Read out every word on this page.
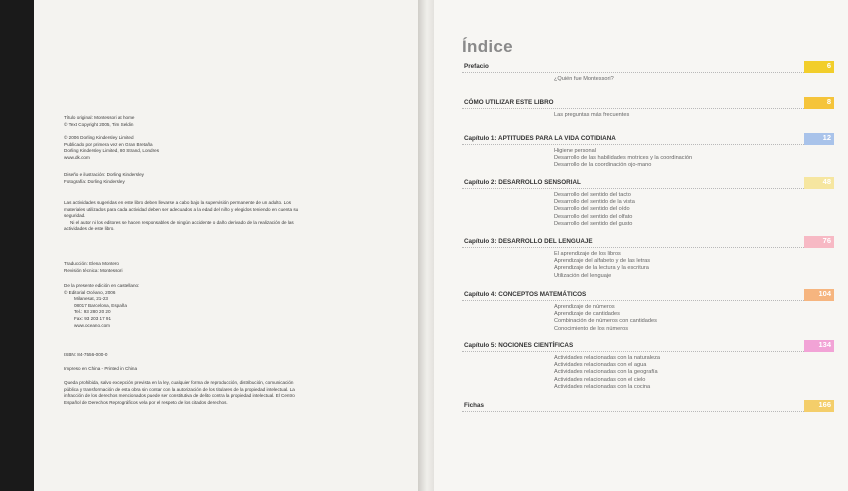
Título original: Montessori at home
© Text Copyright 2005, Tim Seldin
© 2006 Dorling Kindersley Limited
Publicado por primera vez en Gran Bretaña
Dorling Kindersley Limited, 80 Strand, Londres
www.dk.com
Diseño e ilustración: Dorling Kindersley
Fotografía: Dorling Kindersley
Las actividades sugeridas en este libro deben llevarse a cabo bajo la supervisión permanente de un adulto. Los materiales utilizados para cada actividad deben ser adecuados a la edad del niño y elegidos teniendo en cuenta su seguridad.
Ni el autor ni los editores se hacen responsables de ningún accidente o daño derivado de la realización de las actividades de este libro.
Traducción: Elena Montero
Revisión técnica: Montessori
De la presente edición en castellano:
© Editorial Océano, 2006
Milanesat, 21-23
08017 Barcelona, España
Tel.: 93 280 20 20
Fax: 93 203 17 91
www.oceano.com
ISBN: 84-7556-000-0
Impreso en China - Printed in China
Queda prohibida, salvo excepción prevista en la ley, cualquier forma de reproducción, distribución, comunicación pública y transformación de esta obra sin contar con la autorización de los titulares de la propiedad intelectual. La infracción de los derechos mencionados puede ser constitutiva de delito contra la propiedad intelectual. El Centro Español de Derechos Reprográficos vela por el respeto de los citados derechos.
Índice
Prefacio	6
¿Quién fue Montessori?
CÓMO UTILIZAR ESTE LIBRO	8
Las preguntas más frecuentes
Capítulo 1: APTITUDES PARA LA VIDA COTIDIANA	12
Higiene personal
Desarrollo de las habilidades motrices y la coordinación
Desarrollo de la coordinación ojo-mano
Capítulo 2: DESARROLLO SENSORIAL	48
Desarrollo del sentido del tacto
Desarrollo del sentido de la vista
Desarrollo del sentido del oído
Desarrollo del sentido del olfato
Desarrollo del sentido del gusto
Capítulo 3: DESARROLLO DEL LENGUAJE	76
El aprendizaje de los libros
Aprendizaje del alfabeto y de las letras
Aprendizaje de la lectura y la escritura
Utilización del lenguaje
Capítulo 4: CONCEPTOS MATEMÁTICOS	104
Aprendizaje de números
Aprendizaje de cantidades
Combinación de números con cantidades
Conocimiento de los números
Capítulo 5: NOCIONES CIENTÍFICAS	134
Actividades relacionadas con la naturaleza
Actividades relacionadas con el agua
Actividades relacionadas con la geografía
Actividades relacionadas con el cielo
Actividades relacionadas con la cocina
Fichas	166
